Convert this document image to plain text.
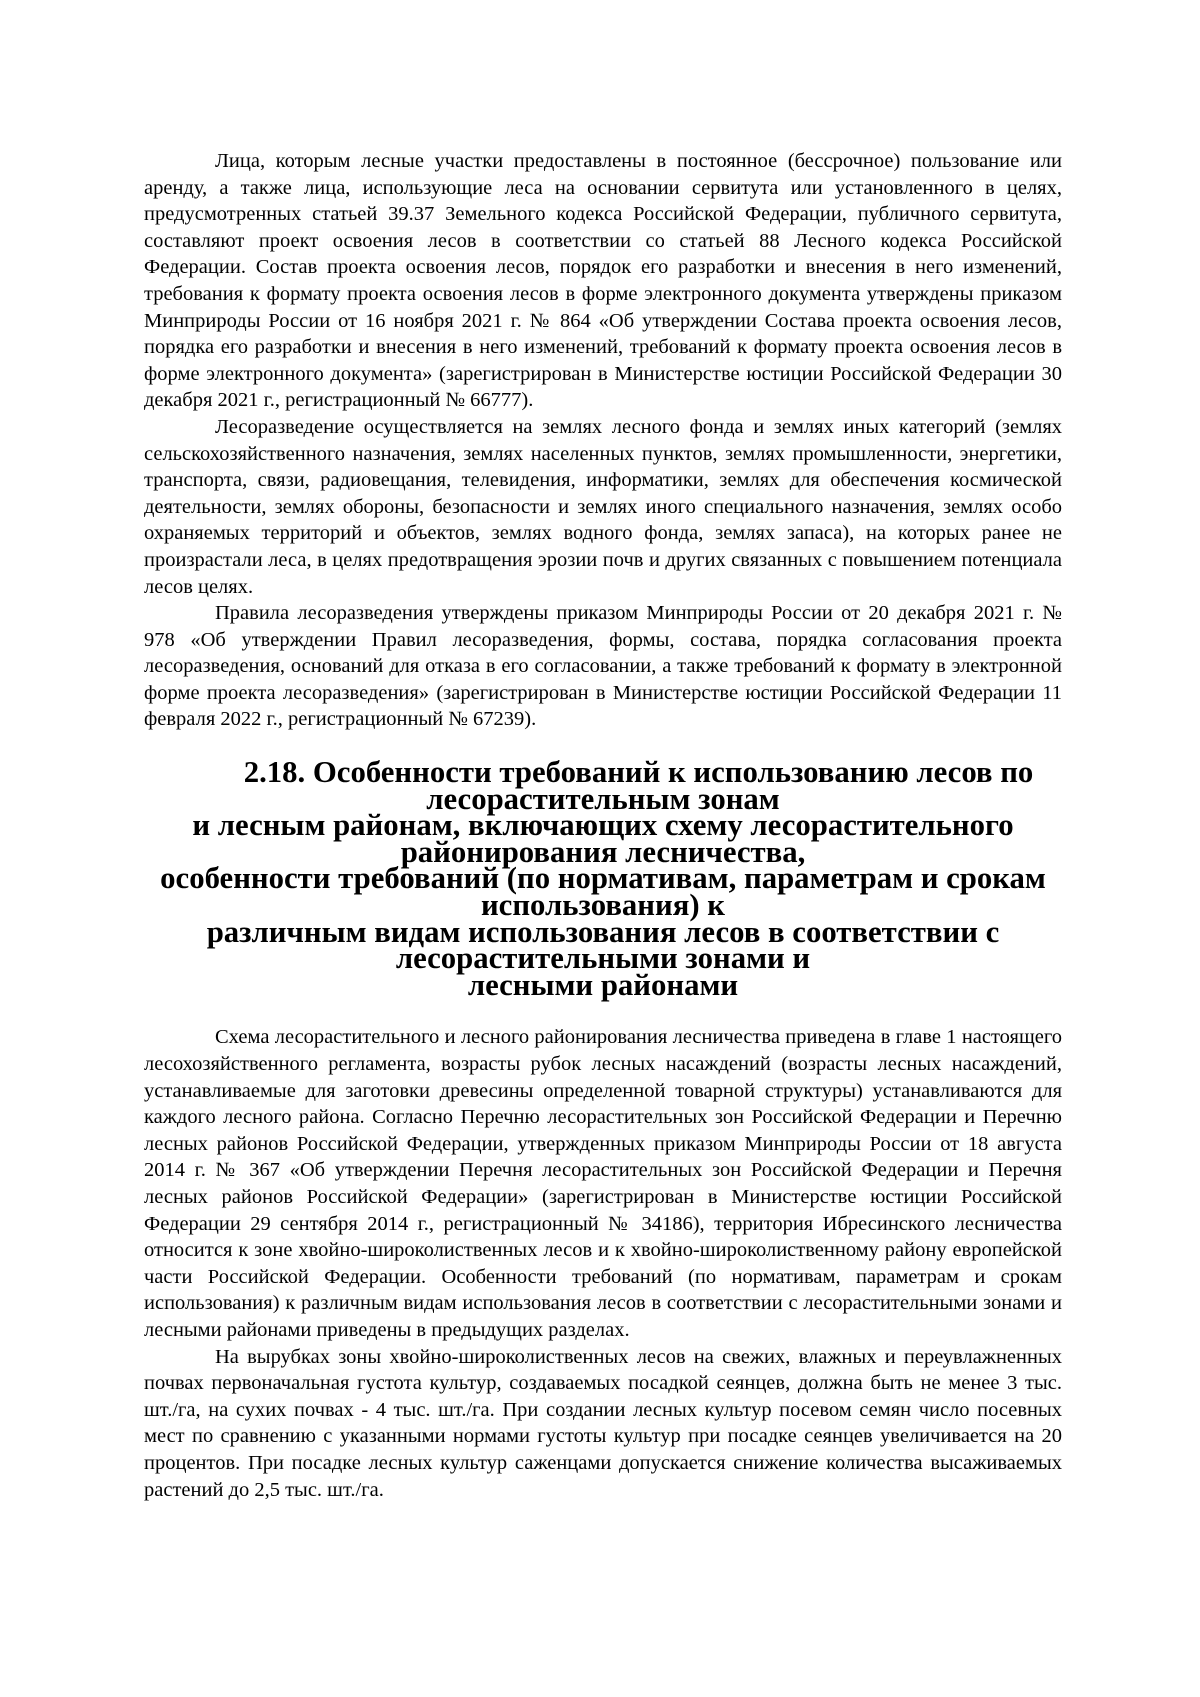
Лица, которым лесные участки предоставлены в постоянное (бессрочное) пользование или аренду, а также лица, использующие леса на основании сервитута или установленного в целях, предусмотренных статьей 39.37 Земельного кодекса Российской Федерации, публичного сервитута, составляют проект освоения лесов в соответствии со статьей 88 Лесного кодекса Российской Федерации. Состав проекта освоения лесов, порядок его разработки и внесения в него изменений, требования к формату проекта освоения лесов в форме электронного документа утверждены приказом Минприроды России от 16 ноября 2021 г. № 864 «Об утверждении Состава проекта освоения лесов, порядка его разработки и внесения в него изменений, требований к формату проекта освоения лесов в форме электронного документа» (зарегистрирован в Министерстве юстиции Российской Федерации 30 декабря 2021 г., регистрационный № 66777).

Лесоразведение осуществляется на землях лесного фонда и землях иных категорий (землях сельскохозяйственного назначения, землях населенных пунктов, землях промышленности, энергетики, транспорта, связи, радиовещания, телевидения, информатики, землях для обеспечения космической деятельности, землях обороны, безопасности и землях иного специального назначения, землях особо охраняемых территорий и объектов, землях водного фонда, землях запаса), на которых ранее не произрастали леса, в целях предотвращения эрозии почв и других связанных с повышением потенциала лесов целях.

Правила лесоразведения утверждены приказом Минприроды России от 20 декабря 2021 г. № 978 «Об утверждении Правил лесоразведения, формы, состава, порядка согласования проекта лесоразведения, оснований для отказа в его согласовании, а также требований к формату в электронной форме проекта лесоразведения» (зарегистрирован в Министерстве юстиции Российской Федерации 11 февраля 2022 г., регистрационный № 67239).

2.18. Особенности требований к использованию лесов по лесорастительным зонам
и лесным районам, включающих схему лесорастительного районирования лесничества,
особенности требований (по нормативам, параметрам и срокам использования) к
различным видам использования лесов в соответствии с лесорастительными зонами и
лесными районами

Схема лесорастительного и лесного районирования лесничества приведена в главе 1 настоящего лесохозяйственного регламента, возрасты рубок лесных насаждений (возрасты лесных насаждений, устанавливаемые для заготовки древесины определенной товарной структуры) устанавливаются для каждого лесного района. Согласно Перечню лесорастительных зон Российской Федерации и Перечню лесных районов Российской Федерации, утвержденных приказом Минприроды России от 18 августа 2014 г. № 367 «Об утверждении Перечня лесорастительных зон Российской Федерации и Перечня лесных районов Российской Федерации» (зарегистрирован в Министерстве юстиции Российской Федерации 29 сентября 2014 г., регистрационный № 34186), территория Ибресинского лесничества относится к зоне хвойно-широколиственных лесов и к хвойно-широколиственному району европейской части Российской Федерации. Особенности требований (по нормативам, параметрам и срокам использования) к различным видам использования лесов в соответствии с лесорастительными зонами и лесными районами приведены в предыдущих разделах.

На вырубках зоны хвойно-широколиственных лесов на свежих, влажных и переувлажненных почвах первоначальная густота культур, создаваемых посадкой сеянцев, должна быть не менее 3 тыс. шт./га, на сухих почвах - 4 тыс. шт./га. При создании лесных культур посевом семян число посевных мест по сравнению с указанными нормами густоты культур при посадке сеянцев увеличивается на 20 процентов. При посадке лесных культур саженцами допускается снижение количества высаживаемых растений до 2,5 тыс. шт./га.
